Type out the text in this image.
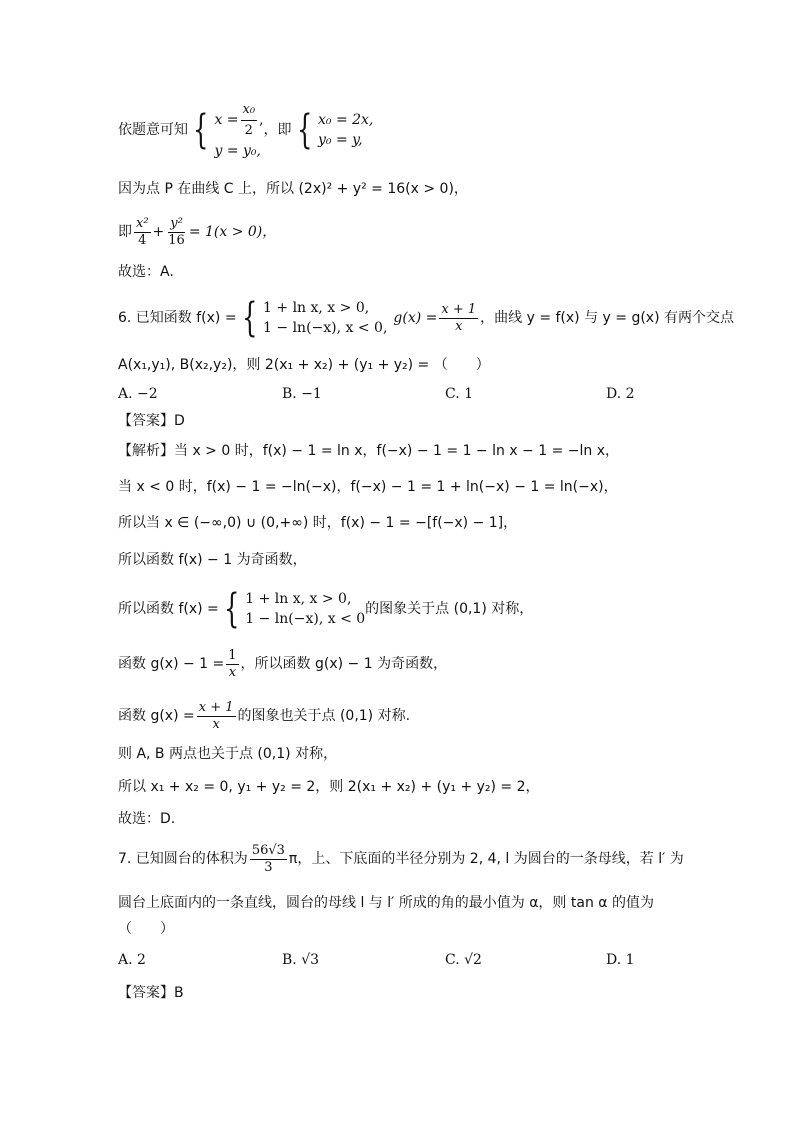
依题意可知 { $x = \frac{\text{x₀}}{2}$ ,
y = y₀,
，即 { x₀ = 2x,
y₀ = y,
因为点 P 在曲线 C 上，所以 (2x)² + y² = 16(x > 0)，
即 $\frac{\text{x²}}{4} + \frac{\text{y²}}{16} = 1(x > 0)$，
故选：A.
6. 已知函数 f(x) = { 1 + ln x, x > 0,
1 − ln(−x), x < 0,
$g(x) = \frac{x + 1}{x}$ ，曲线 y = f(x) 与 y = g(x) 有两个交点
A(x₁,y₁), B(x₂,y₂)，则 2(x₁ + x₂) + (y₁ + y₂) = （　　）
A. −2	B. −1	C. 1	D. 2
【答案】D
【解析】当 x > 0 时，f(x) − 1 = ln x，f(−x) − 1 = 1 − ln x − 1 = −ln x，
当 x < 0 时，f(x) − 1 = −ln(−x)，f(−x) − 1 = 1 + ln(−x) − 1 = ln(−x)，
所以当 x ∈ (−∞,0) ∪ (0,+∞) 时，f(x) − 1 = −[f(−x) − 1]，
所以函数 f(x) − 1 为奇函数，
所以函数 f(x) = { 1 + ln x, x > 0,
1 − ln(−x), x < 0
的图象关于点 (0,1) 对称，
函数 $g(x) - 1 = \frac{1}{x}$ ，所以函数 g(x) − 1 为奇函数，
函数 $g(x) = \frac{x + 1}{x}$ 的图象也关于点 (0,1) 对称.
则 A, B 两点也关于点 (0,1) 对称，
所以 x₁ + x₂ = 0, y₁ + y₂ = 2，则 2(x₁ + x₂) + (y₁ + y₂) = 2，
故选：D.
7. 已知圆台的体积为 $\frac{56√3}{3}$ π，上、下底面的半径分别为 2, 4, l 为圆台的一条母线，若 l′ 为
圆台上底面内的一条直线，圆台的母线 l 与 l′ 所成的角的最小值为 α，则 tan α 的值为
（　　）
A. 2	B. √3	C. √2	D. 1
【答案】B
